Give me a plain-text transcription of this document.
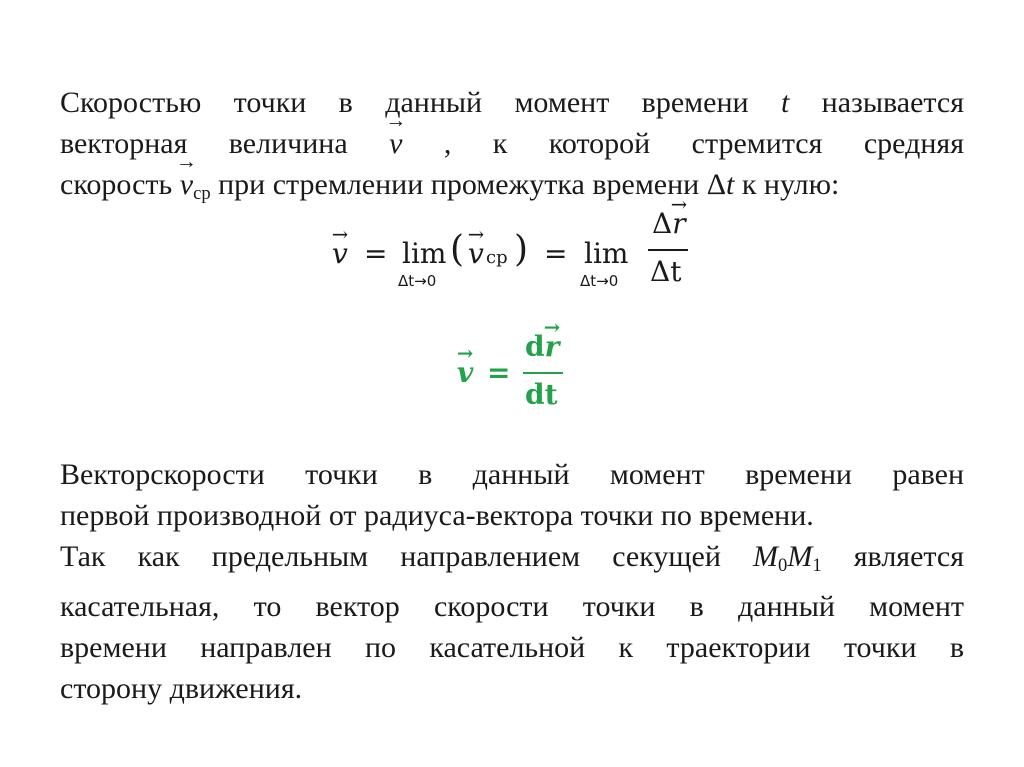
Скоростью точки в данный момент времени t называется
векторная величина → v , к которой стремится средняя
скорость → $v_{ср}$ при стремлении промежутка времени Δt к нулю:
→ v = lim
Δt→0
( → v ср ) = lim
Δt→0
Δ→ r
Δt
→ v =
d→ r
dt
Векторскорости точки в данный момент времени равен
первой производной от радиуса-вектора точки по времени.
Так как предельным направлением секущей $M_0M_1$ является
касательная, то вектор скорости точки в данный момент
времени направлен по касательной к траектории точки в
сторону движения.
